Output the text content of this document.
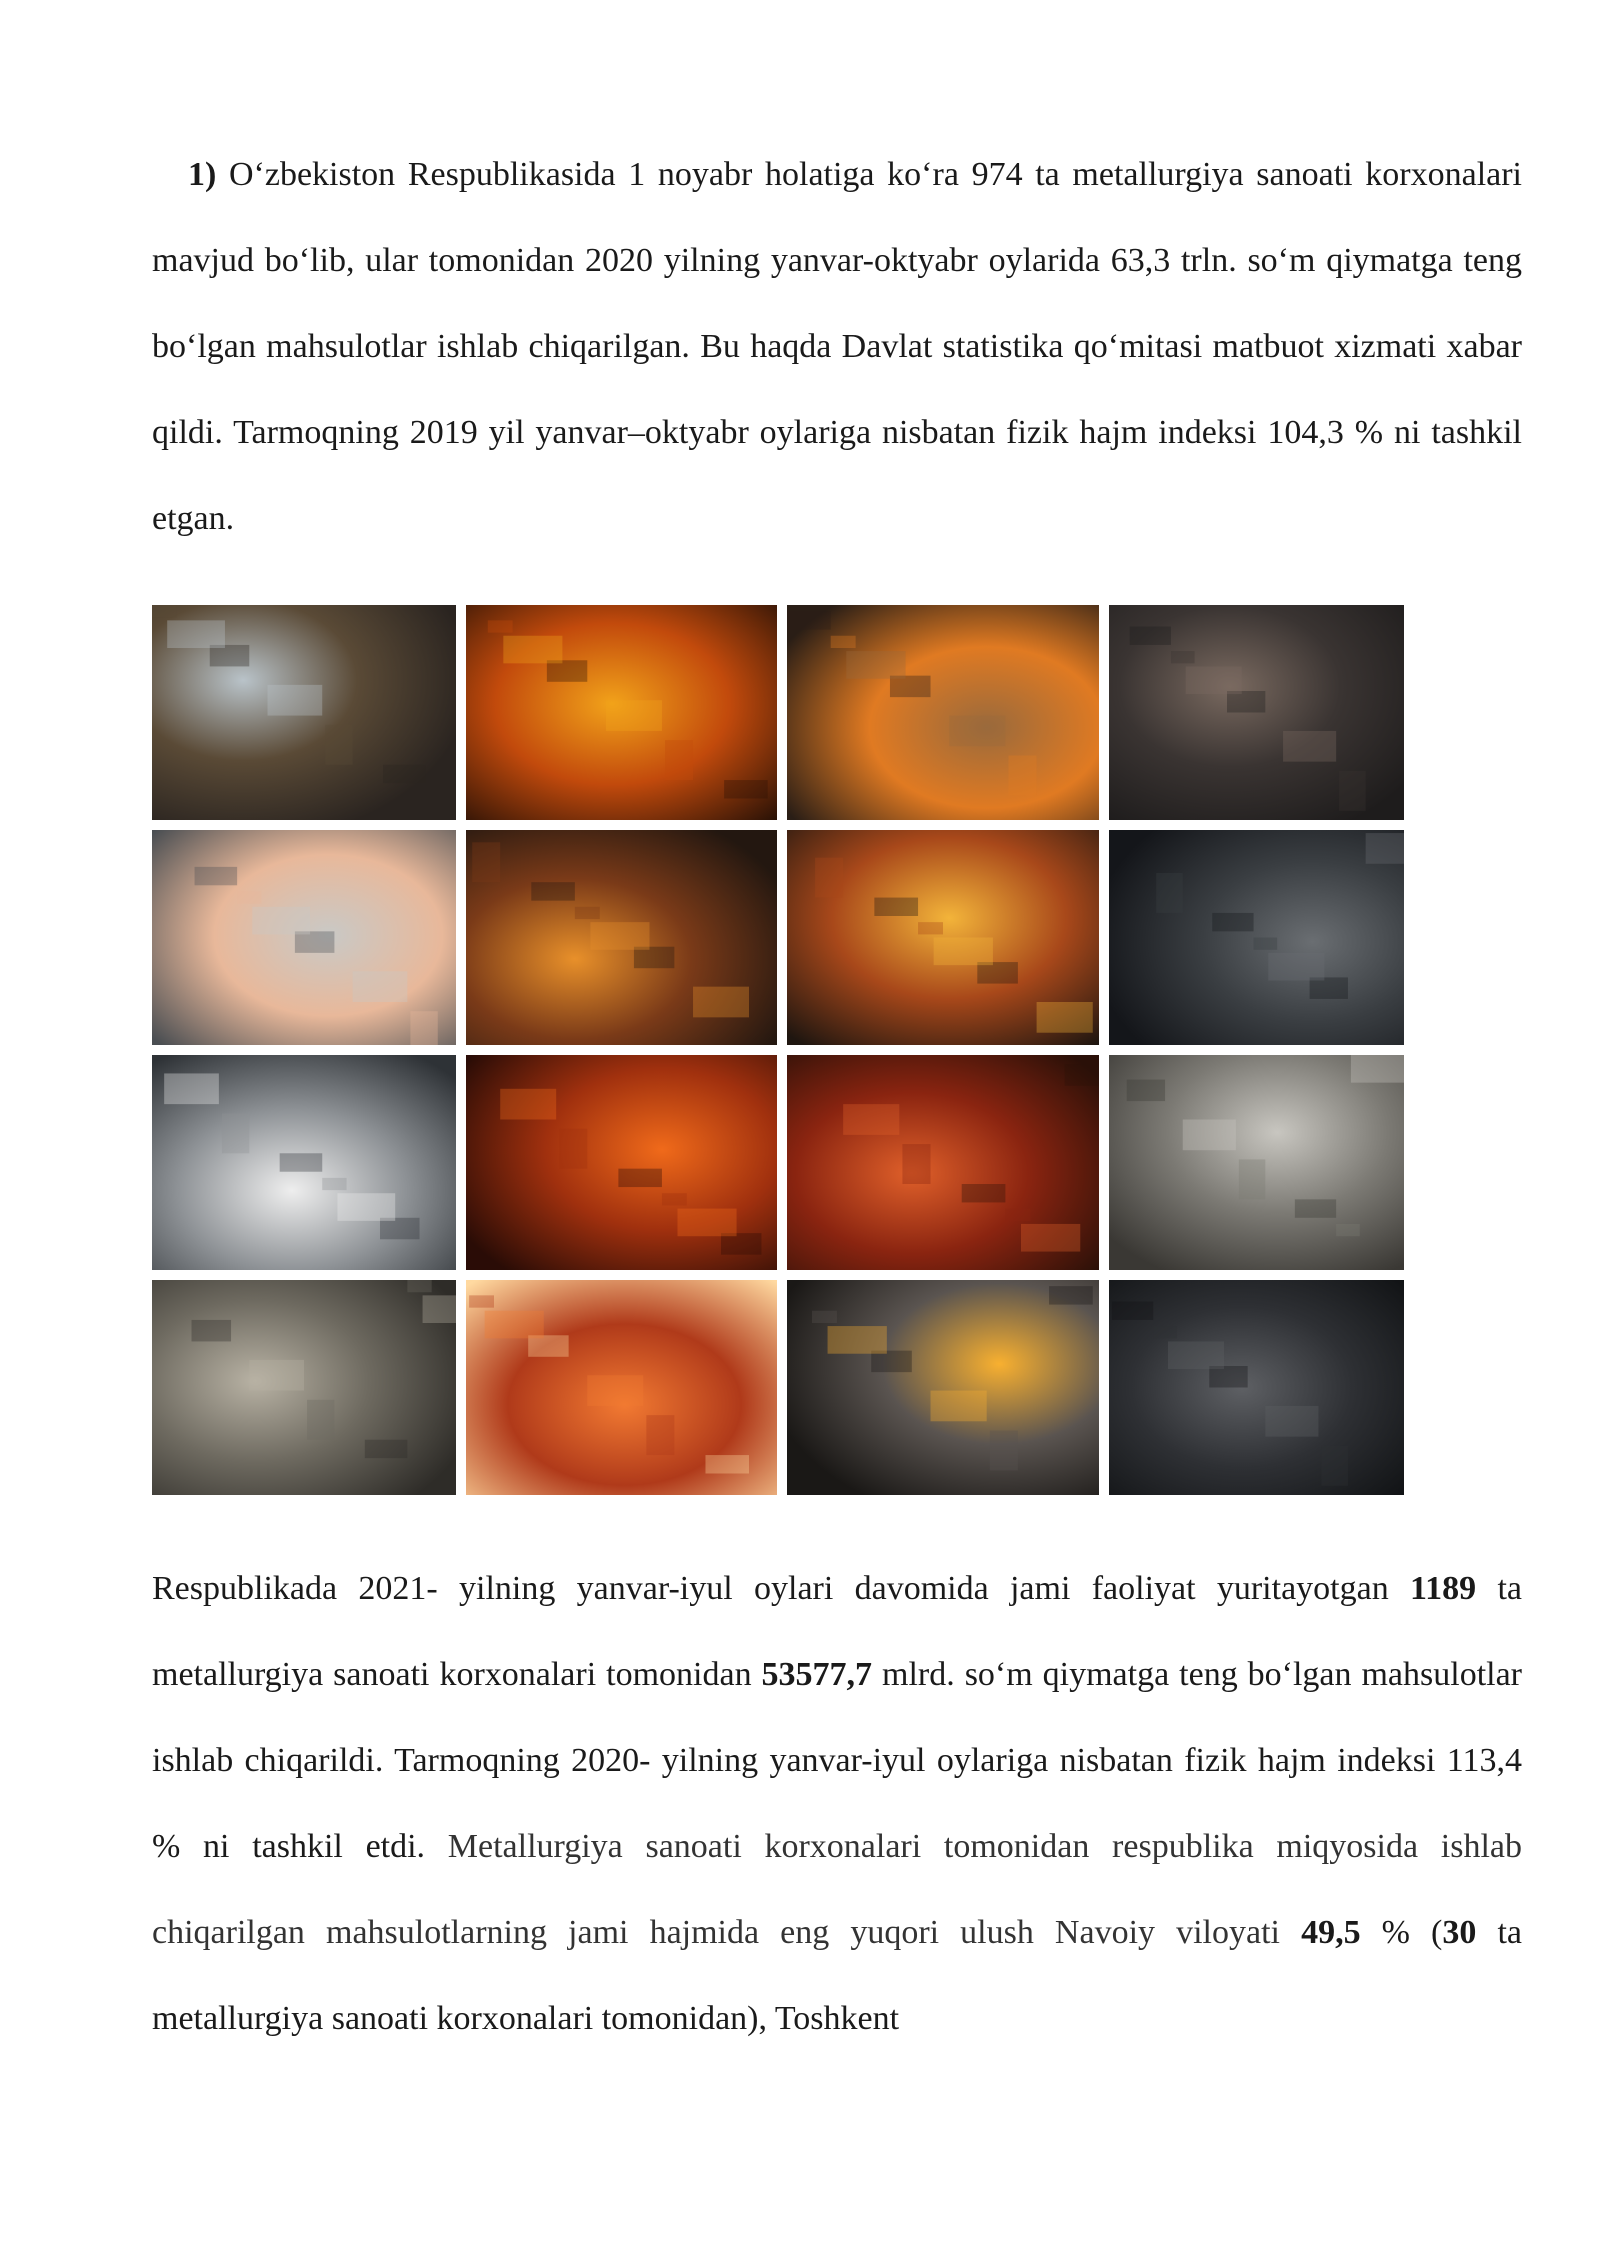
1) O‘zbekiston Respublikasida 1 noyabr holatiga ko‘ra 974 ta metallurgiya sanoati korxonalari mavjud bo‘lib, ular tomonidan 2020 yilning yanvar-oktyabr oylarida 63,3 trln. so‘m qiymatga teng bo‘lgan mahsulotlar ishlab chiqarilgan. Bu haqda Davlat statistika qo‘mitasi matbuot xizmati xabar qildi. Tarmoqning 2019 yil yanvar–oktyabr oylariga nisbatan fizik hajm indeksi 104,3 % ni tashkil etgan.

Respublikada 2021- yilning yanvar-iyul oylari davomida jami faoliyat yuritayotgan 1189 ta metallurgiya sanoati korxonalari tomonidan 53577,7 mlrd. so‘m qiymatga teng bo‘lgan mahsulotlar ishlab chiqarildi. Tarmoqning 2020- yilning yanvar-iyul oylariga nisbatan fizik hajm indeksi 113,4 % ni tashkil etdi. Metallurgiya sanoati korxonalari tomonidan respublika miqyosida ishlab chiqarilgan mahsulotlarning jami hajmida eng yuqori ulush Navoiy viloyati 49,5 % (30 ta metallurgiya sanoati korxonalari tomonidan), Toshkent
